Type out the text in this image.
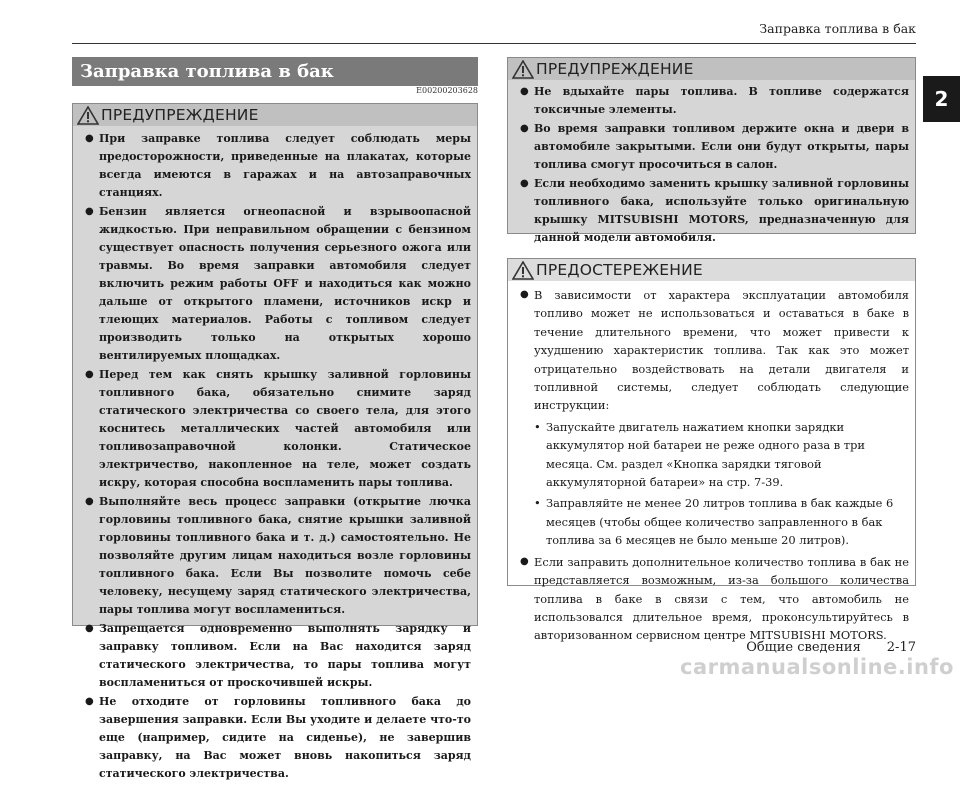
Заправка топлива в бак
2
Заправка топлива в бак
E00200203628
ПРЕДУПРЕЖДЕНИЕ
● При заправке топлива следует соблюдать меры предосторожности, приведенные на плакатах, которые всегда имеются в гаражах и на автозаправочных станциях.
● Бензин является огнеопасной и взрывоопасной жидкостью. При неправильном обращении с бензином существует опасность получения серьезного ожога или травмы. Во время заправки автомобиля следует включить режим работы OFF и находиться как можно дальше от открытого пламени, источников искр и тлеющих материалов. Работы с топливом следует производить только на открытых хорошо вентилируемых площадках.
● Перед тем как снять крышку заливной горловины топливного бака, обязательно снимите заряд статического электричества со своего тела, для этого коснитесь металлических частей автомобиля или топливозаправочной колонки. Статическое электричество, накопленное на теле, может создать искру, которая способна воспламенить пары топлива.
● Выполняйте весь процесс заправки (открытие лючка горловины топливного бака, снятие крышки заливной горловины топливного бака и т. д.) самостоятельно. Не позволяйте другим лицам находиться возле горловины топливного бака. Если Вы позволите помочь себе человеку, несущему заряд статического электричества, пары топлива могут воспламениться.
● Запрещается одновременно выполнять зарядку и заправку топливом. Если на Вас находится заряд статического электричества, то пары топлива могут воспламениться от проскочившей искры.
● Не отходите от горловины топливного бака до завершения заправки. Если Вы уходите и делаете что-то еще (например, сидите на сиденье), не завершив заправку, на Вас может вновь накопиться заряд статического электричества.
ПРЕДУПРЕЖДЕНИЕ
● Не вдыхайте пары топлива. В топливе содержатся токсичные элементы.
● Во время заправки топливом держите окна и двери в автомобиле закрытыми. Если они будут открыты, пары топлива смогут просочиться в салон.
● Если необходимо заменить крышку заливной горловины топливного бака, используйте только оригинальную крышку MITSUBISHI MOTORS, предназначенную для данной модели автомобиля.
ПРЕДОСТЕРЕЖЕНИЕ
● В зависимости от характера эксплуатации автомобиля топливо может не использоваться и оставаться в баке в течение длительного времени, что может привести к ухудшению характеристик топлива. Так как это может отрицательно воздействовать на детали двигателя и топливной системы, следует соблюдать следующие инструкции:
• Запускайте двигатель нажатием кнопки зарядки аккумулятор ной батареи не реже одного раза в три месяца. См. раздел «Кнопка зарядки тяговой аккумуляторной батареи» на стр. 7-39.
• Заправляйте не менее 20 литров топлива в бак каждые 6 месяцев (чтобы общее количество заправленного в бак топлива за 6 месяцев не было меньше 20 литров).
● Если заправить дополнительное количество топлива в бак не представляется возможным, из-за большого количества топлива в баке в связи с тем, что автомобиль не использовался длительное время, проконсультируйтесь в авторизованном сервисном центре MITSUBISHI MOTORS.
Общие сведения 2-17
carmanualsonline.info
